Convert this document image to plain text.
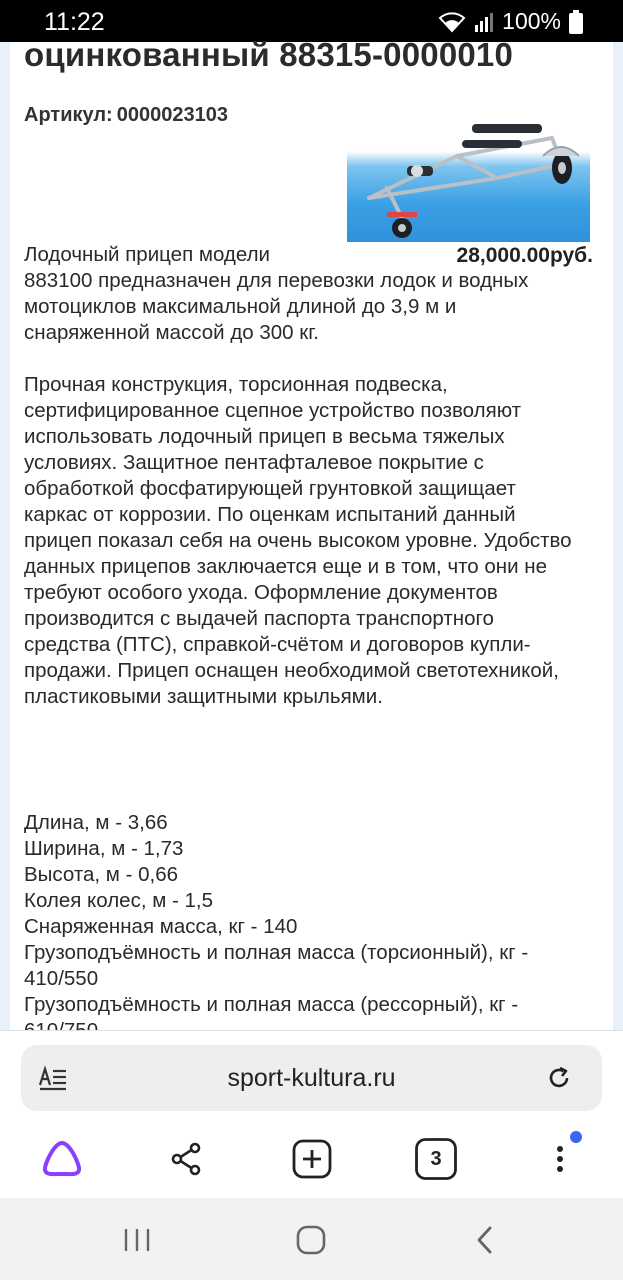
11:22	100%
оцинкованный 88315-0000010
Артикул: 0000023103
28,000.00руб.

Лодочный прицеп модели
883100 предназначен для перевозки лодок и водных мотоциклов максимальной длиной до 3,9 м и снаряженной массой до 300 кг.

Прочная конструкция, торсионная подвеска, сертифицированное сцепное устройство позволяют использовать лодочный прицеп в весьма тяжелых условиях. Защитное пентафталевое покрытие с обработкой фосфатирующей грунтовкой защищает каркас от коррозии. По оценкам испытаний данный прицеп показал себя на очень высоком уровне. Удобство данных прицепов заключается еще и в том, что они не требуют особого ухода. Оформление документов производится с выдачей паспорта транспортного средства (ПТС), справкой-счётом и договоров купли-продажи. Прицеп оснащен необходимой светотехникой, пластиковыми защитными крыльями.

Длина, м - 3,66
Ширина, м - 1,73
Высота, м - 0,66
Колея колес, м - 1,5
Снаряженная масса, кг - 140
Грузоподъёмность и полная масса (торсионный), кг - 410/550
Грузоподъёмность и полная масса (рессорный), кг -
sport-kultura.ru
3
